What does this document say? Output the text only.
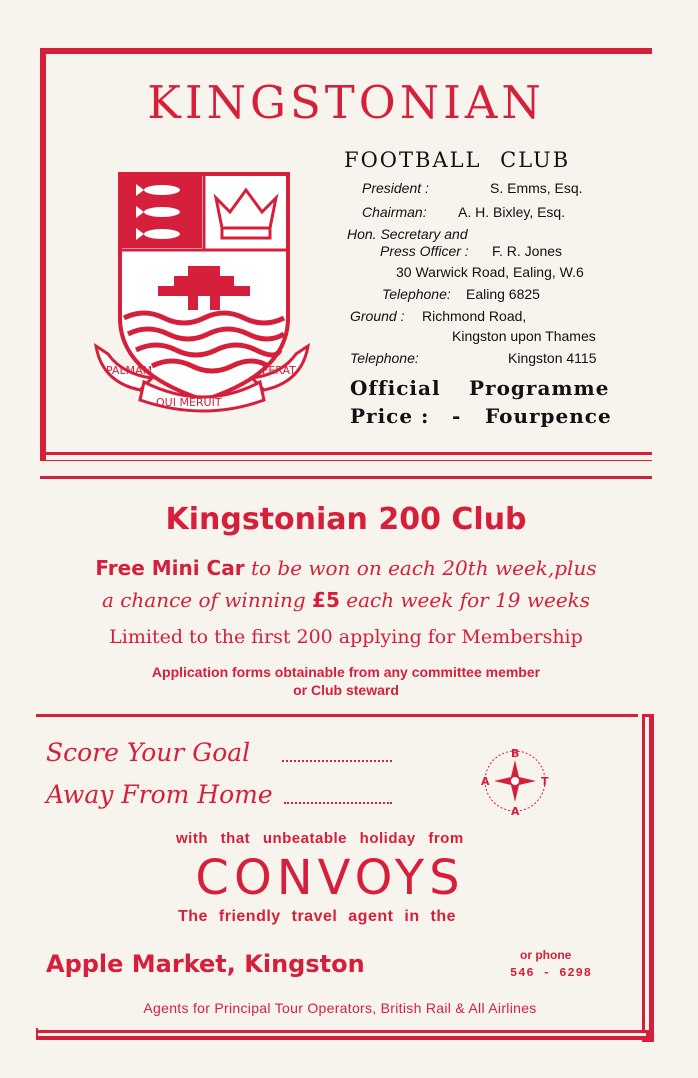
KINGSTONIAN
PALMAM
QUI MERUIT
FERAT
FOOTBALL CLUB
President :	S. Emms, Esq.
Chairman: A. H. Bixley, Esq.
Hon. Secretary and
Press Officer : F. R. Jones
30 Warwick Road, Ealing, W.6
Telephone: Ealing 6825
Ground : Richmond Road,
Kingston upon Thames
Telephone:	Kingston 4115
Official Programme
Price : - Fourpence
Kingstonian 200 Club
Free Mini Car to be won on each 20th week,plus
a chance of winning £5 each week for 19 weeks
Limited to the first 200 applying for Membership
Application forms obtainable from any committee member
or Club steward
Score Your Goal
Away From Home
B
A	T
A
with that unbeatable holiday from
CONVOYS
The friendly travel agent in the
Apple Market, Kingston	or phone
546 - 6298
Agents for Principal Tour Operators, British Rail & All Airlines
